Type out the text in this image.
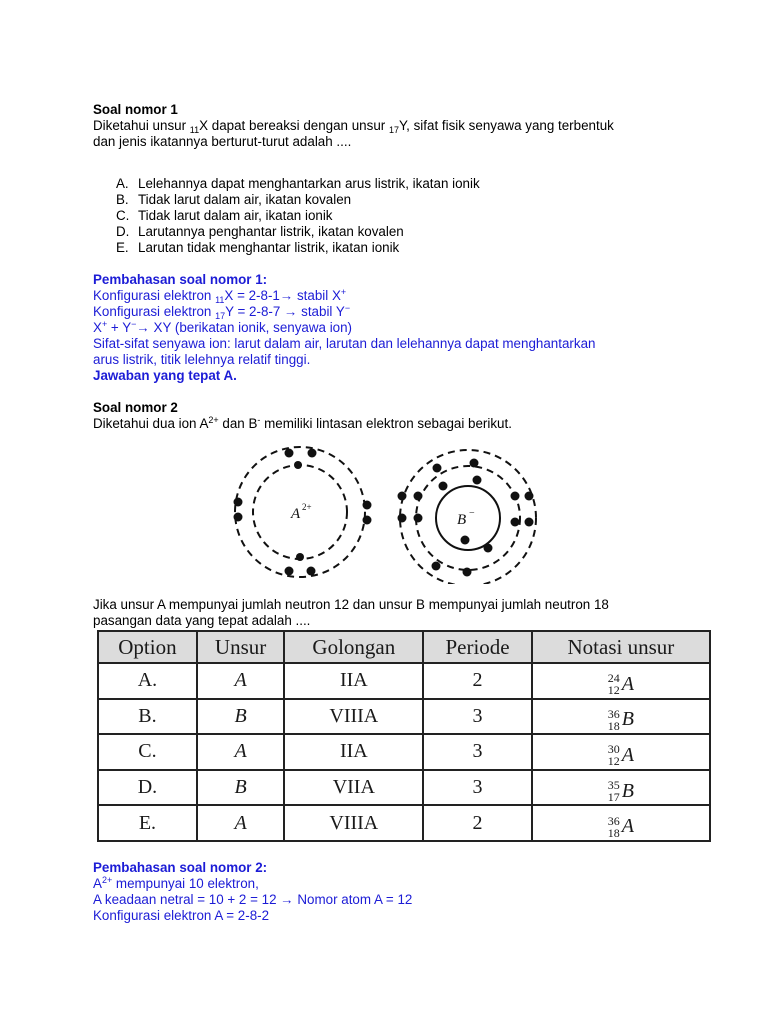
Soal nomor 1
Diketahui unsur $_{11}$X dapat bereaksi dengan unsur $_{17}$Y, sifat fisik senyawa yang terbentuk
dan jenis ikatannya berturut-turut adalah ....
A. Lelehannya dapat menghantarkan arus listrik, ikatan ionik
B. Tidak larut dalam air, ikatan kovalen
C. Tidak larut dalam air, ikatan ionik
D. Larutannya penghantar listrik, ikatan kovalen
E. Larutan tidak menghantar listrik, ikatan ionik
Pembahasan soal nomor 1:
Konfigurasi elektron $_{11}$X = 2-8-1→ stabil X+
Konfigurasi elektron $_{17}$Y = 2-8-7 → stabil Y−
X+ + Y−→ XY (berikatan ionik, senyawa ion)
Sifat-sifat senyawa ion: larut dalam air, larutan dan lelehannya dapat menghantarkan
arus listrik, titik lelehnya relatif tinggi.
Jawaban yang tepat A.
Soal nomor 2
Diketahui dua ion $A^{2+}$ dan B- memiliki lintasan elektron sebagai berikut.
A 2+
B −
Jika unsur A mempunyai jumlah neutron 12 dan unsur B mempunyai jumlah neutron 18
pasangan data yang tepat adalah ....
Option	Unsur	Golongan	Periode	Notasi unsur
A.	A	IIA	2	24
12 A

B.	B	VIIIA	3	36
18 B

C.	A	IIA	3	30
12 A

D.	B	VIIA	3	35
17 B

E.	A	VIIIA	2	36
18 A
Pembahasan soal nomor 2:
$A^{2+}$ mempunyai 10 elektron,
A keadaan netral = 10 + 2 = 12 → Nomor atom A = 12
Konfigurasi elektron A = 2-8-2
